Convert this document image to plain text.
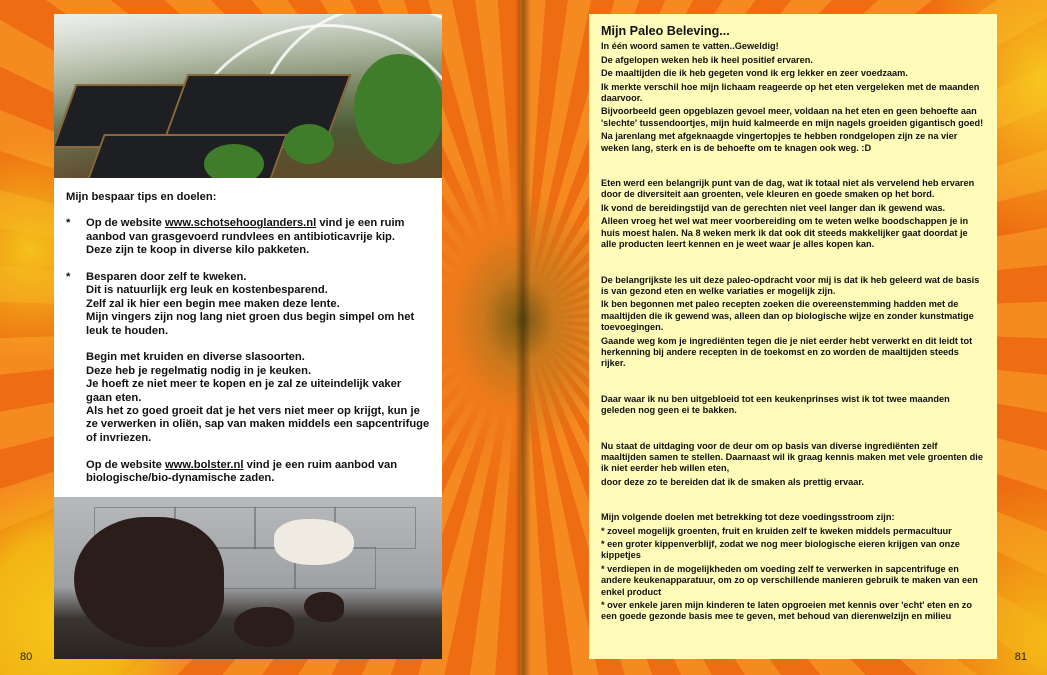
Mijn bespaar tips en doelen:

*	Op de website www.schotsehooglanders.nl vind je een ruim aanbod van grasgevoerd rundvlees en antibioticavrije kip.

Deze zijn te koop in diverse kilo pakketen.

*	Besparen door zelf te kweken.

Dit is natuurlijk erg leuk en kostenbesparend.

Zelf zal ik hier een begin mee maken deze lente.

Mijn vingers zijn nog lang niet groen dus begin simpel om het leuk te houden.

Begin met kruiden en diverse slasoorten.

Deze heb je regelmatig nodig in je keuken.

Je hoeft ze niet meer te kopen en je zal ze uiteindelijk vaker gaan eten.

Als het zo goed groeit dat je het vers niet meer op krijgt, kun je ze verwerken in oliën, sap van maken middels een sapcentrifuge of invriezen.

Op de website www.bolster.nl vind je een ruim aanbod van biologische/bio-dynamische zaden.

80	81

Mijn Paleo Beleving...

In één woord samen te vatten..Geweldig!

De afgelopen weken heb ik heel positief ervaren.

De maaltijden die ik heb gegeten vond ik erg lekker en zeer voedzaam.

Ik merkte verschil hoe mijn lichaam reageerde op het eten vergeleken met de maanden daarvoor.

Bijvoorbeeld geen opgeblazen gevoel meer, voldaan na het eten en geen behoefte aan 'slechte' tussendoortjes, mijn huid kalmeerde en mijn nagels groeiden gigantisch goed!

Na jarenlang met afgeknaagde vingertopjes te hebben rondgelopen zijn ze na vier weken lang, sterk en is de behoefte om te knagen ook weg. :D

Eten werd een belangrijk punt van de dag, wat ik totaal niet als vervelend heb ervaren door de diversiteit aan groenten, vele kleuren en goede smaken op het bord.

Ik vond de bereidingstijd van de gerechten niet veel langer dan ik gewend was.

Alleen vroeg het wel wat meer voorbereiding om te weten welke boodschappen je in huis moest halen. Na 8 weken merk ik dat ook dit steeds makkelijker gaat doordat je alle producten leert kennen en je weet waar je alles kopen kan.

De belangrijkste les uit deze paleo-opdracht voor mij is dat ik heb geleerd wat de basis is van gezond eten en welke variaties er mogelijk zijn.

Ik ben begonnen met paleo recepten zoeken die overeenstemming hadden met de maaltijden die ik gewend was, alleen dan op biologische wijze en zonder kunstmatige toevoegingen.

Gaande weg kom je ingrediënten tegen die je niet eerder hebt verwerkt en dit leidt tot herkenning bij andere recepten in de toekomst en zo worden de maaltijden steeds rijker.

Daar waar ik nu ben uitgebloeid tot een keukenprinses wist ik tot twee maanden geleden nog geen ei te bakken.

Nu staat de uitdaging voor de deur om op basis van diverse ingrediënten zelf maaltijden samen te stellen. Daarnaast wil ik graag kennis maken met vele groenten die ik niet eerder heb willen eten,

door deze zo te bereiden dat ik de smaken als prettig ervaar.

Mijn volgende doelen met betrekking tot deze voedingsstroom zijn:

* zoveel mogelijk groenten, fruit en kruiden zelf te kweken middels permacultuur

* een groter kippenverblijf, zodat we nog meer biologische eieren krijgen van onze kippetjes

* verdiepen in de mogelijkheden om voeding zelf te verwerken in sapcentrifuge en andere keukenapparatuur, om zo op verschillende manieren gebruik te maken van een enkel product

* over enkele jaren mijn kinderen te laten opgroeien met kennis over 'echt' eten en zo een goede gezonde basis mee te geven, met behoud van dierenwelzijn en milieu
